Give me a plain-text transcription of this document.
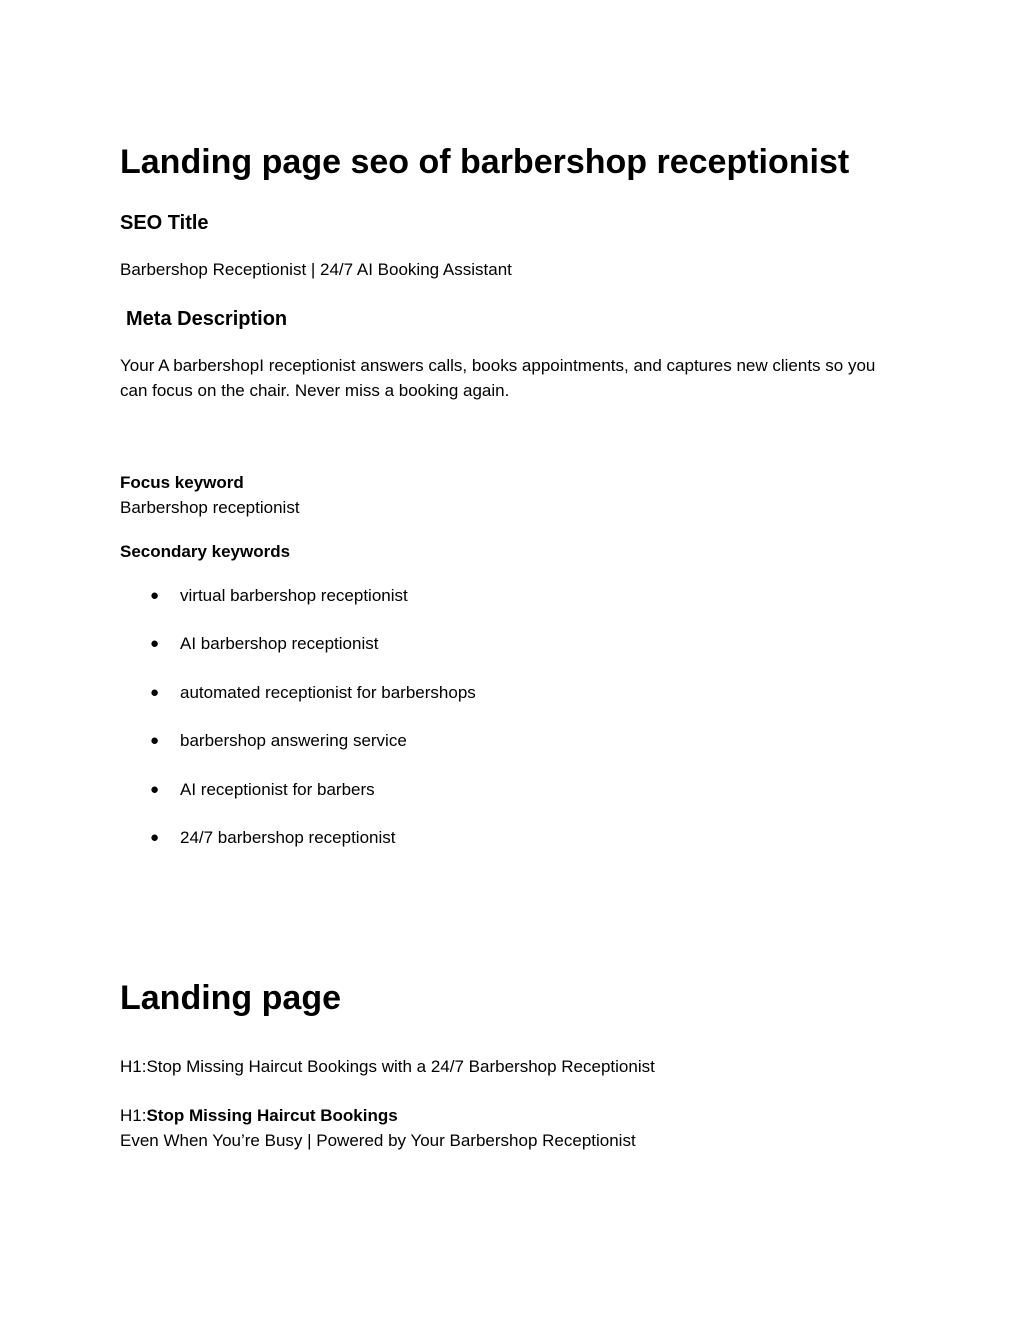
Landing page seo of barbershop receptionist
SEO Title

Barbershop Receptionist | 24/7 AI Booking Assistant

Meta Description

Your A barbershopI receptionist answers calls, books appointments, and captures new clients so you can focus on the chair. Never miss a booking again.

Focus keyword

Barbershop receptionist

Secondary keywords

● virtual barbershop receptionist
● AI barbershop receptionist
● automated receptionist for barbershops
● barbershop answering service
● AI receptionist for barbers
● 24/7 barbershop receptionist
Landing page

H1:Stop Missing Haircut Bookings with a 24/7 Barbershop Receptionist

H1:Stop Missing Haircut Bookings

Even When You’re Busy | Powered by Your Barbershop Receptionist
